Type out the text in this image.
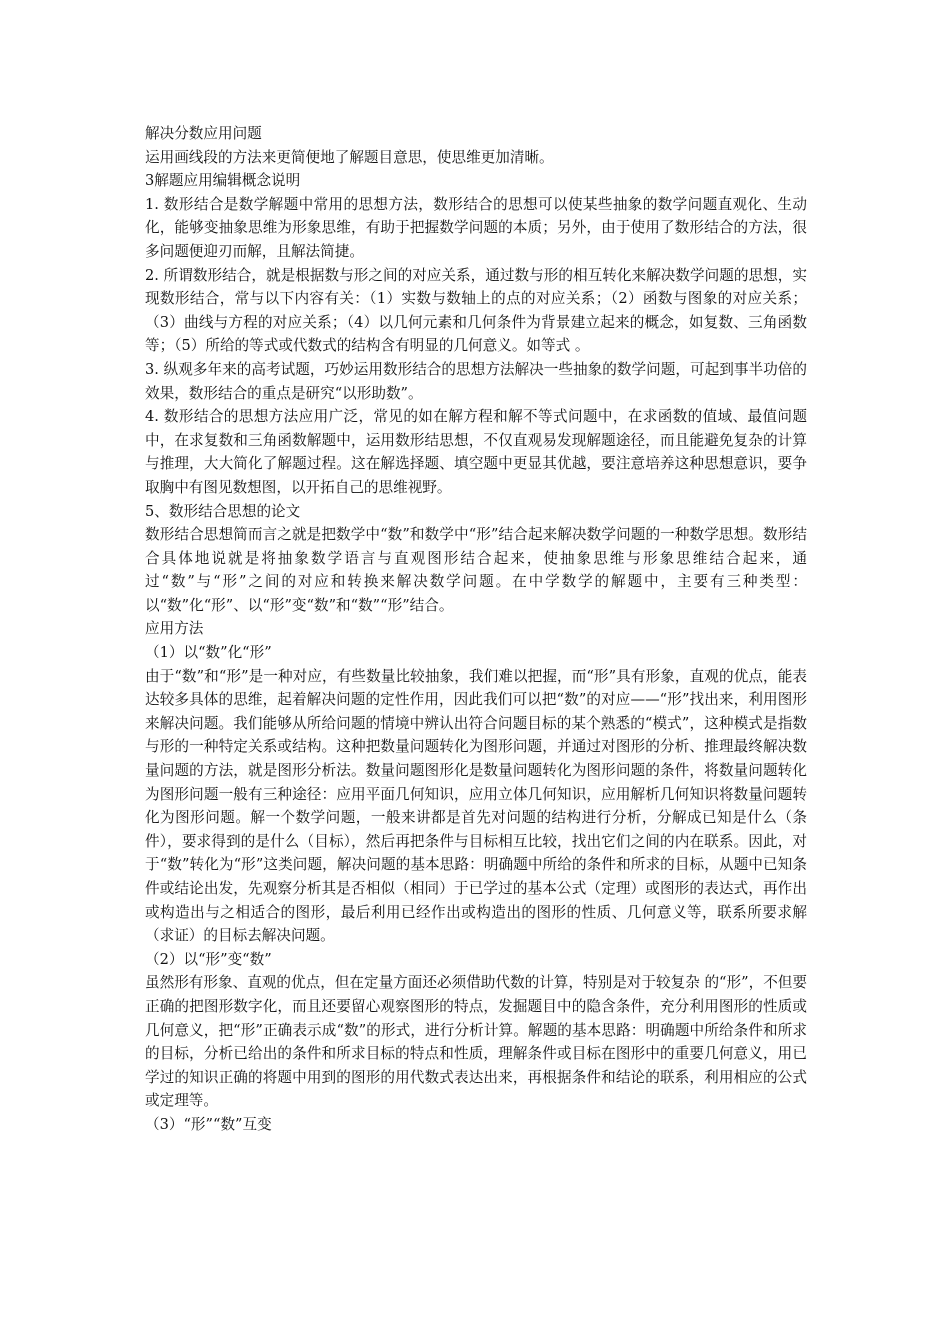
解决分数应用问题

运用画线段的方法来更简便地了解题目意思，使思维更加清晰。

3解题应用编辑概念说明

1. 数形结合是数学解题中常用的思想方法，数形结合的思想可以使某些抽象的数学问题直观化、生动化，能够变抽象思维为形象思维，有助于把握数学问题的本质；另外，由于使用了数形结合的方法，很多问题便迎刃而解，且解法简捷。

2. 所谓数形结合，就是根据数与形之间的对应关系，通过数与形的相互转化来解决数学问题的思想，实现数形结合，常与以下内容有关：（1）实数与数轴上的点的对应关系；（2）函数与图象的对应关系；（3）曲线与方程的对应关系；（4）以几何元素和几何条件为背景建立起来的概念，如复数、三角函数等；（5）所给的等式或代数式的结构含有明显的几何意义。如等式 。

3. 纵观多年来的高考试题，巧妙运用数形结合的思想方法解决一些抽象的数学问题，可起到事半功倍的效果，数形结合的重点是研究“以形助数”。

4. 数形结合的思想方法应用广泛，常见的如在解方程和解不等式问题中，在求函数的值域、最值问题中，在求复数和三角函数解题中，运用数形结思想，不仅直观易发现解题途径，而且能避免复杂的计算与推理，大大简化了解题过程。这在解选择题、填空题中更显其优越，要注意培养这种思想意识，要争取胸中有图见数想图，以开拓自己的思维视野。

5、数形结合思想的论文

数形结合思想简而言之就是把数学中“数”和数学中“形”结合起来解决数学问题的一种数学思想。数形结合具体地说就是将抽象数学语言与直观图形结合起来，使抽象思维与形象思维结合起来，通过“数”与“形”之间的对应和转换来解决数学问题。在中学数学的解题中，主要有三种类型：以“数”化“形”、以“形”变“数”和“数”“形”结合。

应用方法

（1）以“数”化“形”

由于“数”和“形”是一种对应，有些数量比较抽象，我们难以把握，而“形”具有形象，直观的优点，能表达较多具体的思维，起着解决问题的定性作用，因此我们可以把“数”的对应——“形”找出来，利用图形来解决问题。我们能够从所给问题的情境中辨认出符合问题目标的某个熟悉的“模式”，这种模式是指数与形的一种特定关系或结构。这种把数量问题转化为图形问题，并通过对图形的分析、推理最终解决数量问题的方法，就是图形分析法。数量问题图形化是数量问题转化为图形问题的条件，将数量问题转化为图形问题一般有三种途径：应用平面几何知识，应用立体几何知识，应用解析几何知识将数量问题转化为图形问题。解一个数学问题，一般来讲都是首先对问题的结构进行分析，分解成已知是什么（条件），要求得到的是什么（目标），然后再把条件与目标相互比较，找出它们之间的内在联系。因此，对于“数”转化为“形”这类问题，解决问题的基本思路：明确题中所给的条件和所求的目标，从题中已知条件或结论出发，先观察分析其是否相似（相同）于已学过的基本公式（定理）或图形的表达式，再作出或构造出与之相适合的图形，最后利用已经作出或构造出的图形的性质、几何意义等，联系所要求解（求证）的目标去解决问题。

（2）以“形”变“数”

虽然形有形象、直观的优点，但在定量方面还必须借助代数的计算，特别是对于较复杂 的“形”，不但要正确的把图形数字化，而且还要留心观察图形的特点，发掘题目中的隐含条件，充分利用图形的性质或几何意义，把“形”正确表示成“数”的形式，进行分析计算。解题的基本思路：明确题中所给条件和所求的目标，分析已给出的条件和所求目标的特点和性质，理解条件或目标在图形中的重要几何意义，用已学过的知识正确的将题中用到的图形的用代数式表达出来，再根据条件和结论的联系，利用相应的公式或定理等。

（3）“形”“数”互变
